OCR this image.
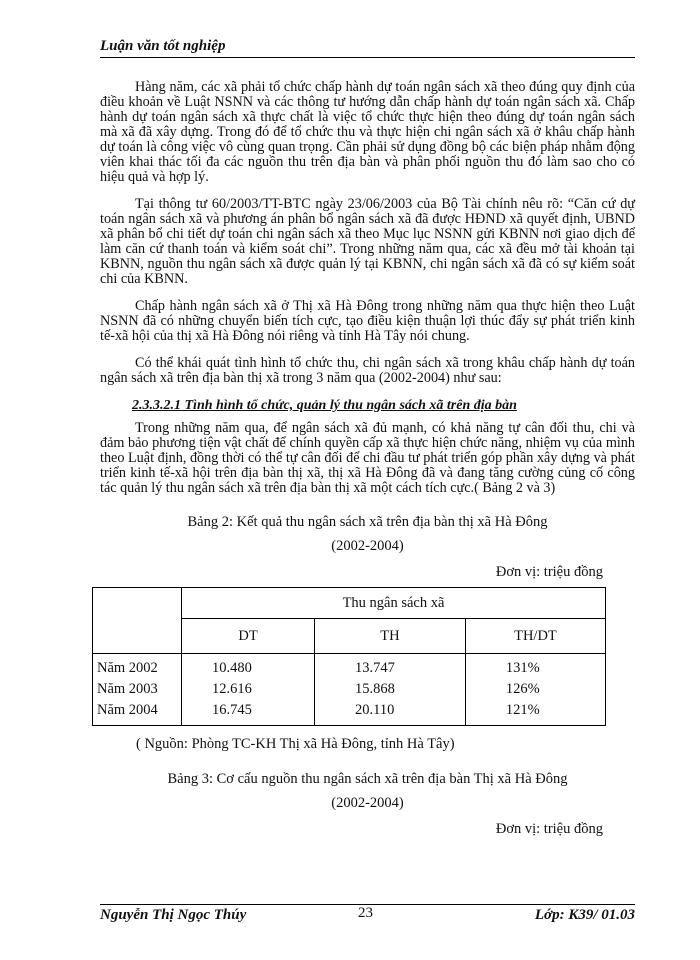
Luận văn tốt nghiệp

Hàng năm, các xã phải tổ chức chấp hành dự toán ngân sách xã theo đúng quy định của điều khoản về Luật NSNN và các thông tư hướng dẫn chấp hành dự toán ngân sách xã. Chấp hành dự toán ngân sách xã thực chất là việc tổ chức thực hiện theo đúng dự toán ngân sách mà xã đã xây dựng. Trong đó để tổ chức thu và thực hiện chi ngân sách xã ở khâu chấp hành dự toán là công việc vô cùng quan trọng. Cần phải sử dụng đồng bộ các biện pháp nhằm động viên khai thác tối đa các nguồn thu trên địa bàn và phân phối nguồn thu đó làm sao cho có hiệu quả và hợp lý.

Tại thông tư 60/2003/TT-BTC ngày 23/06/2003 của Bộ Tài chính nêu rõ: “Căn cứ dự toán ngân sách xã và phương án phân bổ ngân sách xã đã được HĐND xã quyết định, UBND xã phân bổ chi tiết dự toán chi ngân sách xã theo Mục lục NSNN gửi KBNN nơi giao dịch để làm căn cứ thanh toán và kiểm soát chi”. Trong những năm qua, các xã đều mở tài khoản tại KBNN, nguồn thu ngân sách xã được quản lý tại KBNN, chi ngân sách xã đã có sự kiểm soát chi của KBNN.

Chấp hành ngân sách xã ở Thị xã Hà Đông trong những năm qua thực hiện theo Luật NSNN đã có những chuyển biến tích cực, tạo điều kiện thuận lợi thúc đẩy sự phát triển kinh tế-xã hội của thị xã Hà Đông nói riêng và tỉnh Hà Tây nói chung.

Có thể khái quát tình hình tổ chức thu, chi ngân sách xã trong khâu chấp hành dự toán ngân sách xã trên địa bàn thị xã trong 3 năm qua (2002-2004) như sau:

2.3.3.2.1 Tình hình tổ chức, quản lý thu ngân sách xã trên địa bàn

Trong những năm qua, để ngân sách xã đủ mạnh, có khả năng tự cân đối thu, chi và đảm bảo phương tiện vật chất để chính quyền cấp xã thực hiện chức năng, nhiệm vụ của mình theo Luật định, đồng thời có thể tự cân đối để chi đầu tư phát triển góp phần xây dựng và phát triển kinh tế-xã hội trên địa bàn thị xã, thị xã Hà Đông đã và đang tăng cường củng cố công tác quản lý thu ngân sách xã trên địa bàn thị xã một cách tích cực.( Bảng 2 và 3)

Bảng 2: Kết quả thu ngân sách xã trên địa bàn thị xã Hà Đông
(2002-2004)
Đơn vị: triệu đồng
	Thu ngân sách xã		
	DT	TH	TH/DT
Năm 2002	10.480	13.747	131%
Năm 2003	12.616	15.868	126%
Năm 2004	16.745	20.110	121%
( Nguồn: Phòng TC-KH Thị xã Hà Đông, tỉnh Hà Tây)
Bảng 3: Cơ cấu nguồn thu ngân sách xã trên địa bàn Thị xã Hà Đông
(2002-2004)
Đơn vị: triệu đồng
Nguyễn Thị Ngọc Thúy	23	Lớp: K39/ 01.03
